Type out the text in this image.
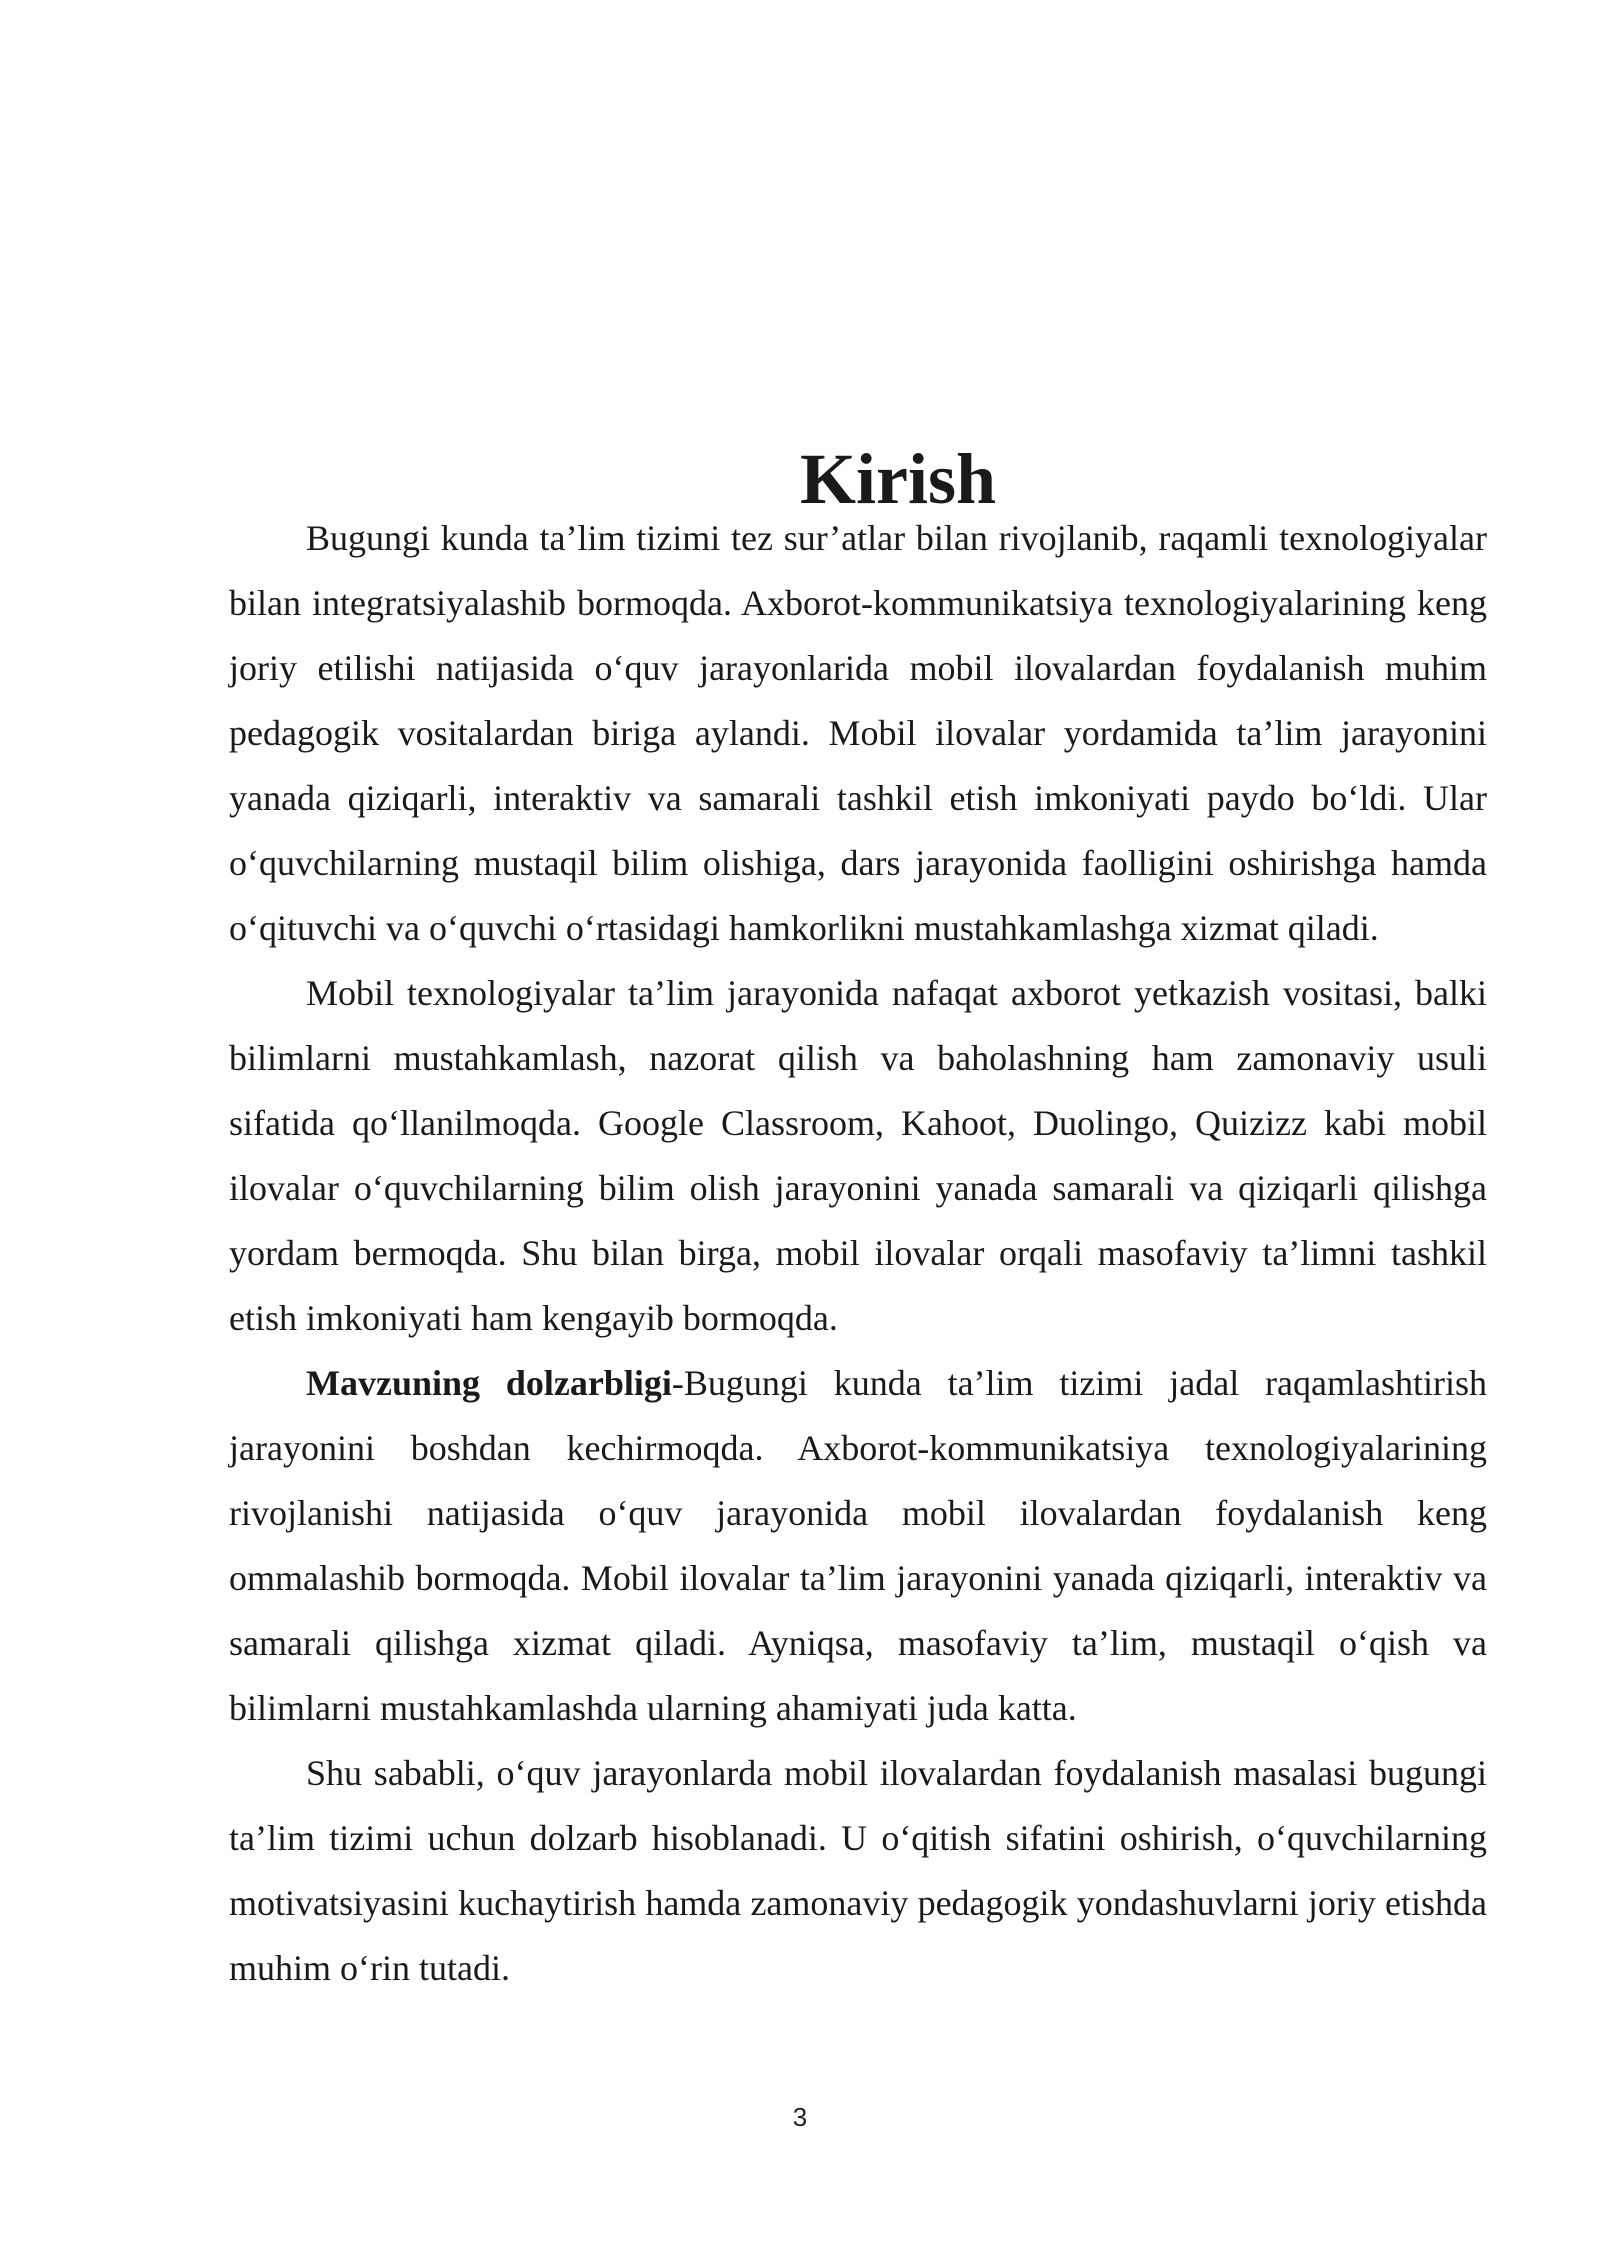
Kirish

Bugungi kunda ta’lim tizimi tez sur’atlar bilan rivojlanib, raqamli texnologiyalar bilan integratsiyalashib bormoqda. Axborot-kommunikatsiya texnologiyalarining keng joriy etilishi natijasida o‘quv jarayonlarida mobil ilovalardan foydalanish muhim pedagogik vositalardan biriga aylandi. Mobil ilovalar yordamida ta’lim jarayonini yanada qiziqarli, interaktiv va samarali tashkil etish imkoniyati paydo bo‘ldi. Ular o‘quvchilarning mustaqil bilim olishiga, dars jarayonida faolligini oshirishga hamda o‘qituvchi va o‘quvchi o‘rtasidagi hamkorlikni mustahkamlashga xizmat qiladi.

Mobil texnologiyalar ta’lim jarayonida nafaqat axborot yetkazish vositasi, balki bilimlarni mustahkamlash, nazorat qilish va baholashning ham zamonaviy usuli sifatida qo‘llanilmoqda. Google Classroom, Kahoot, Duolingo, Quizizz kabi mobil ilovalar o‘quvchilarning bilim olish jarayonini yanada samarali va qiziqarli qilishga yordam bermoqda. Shu bilan birga, mobil ilovalar orqali masofaviy ta’limni tashkil etish imkoniyati ham kengayib bormoqda.

Mavzuning dolzarbligi-Bugungi kunda ta’lim tizimi jadal raqamlashtirish jarayonini boshdan kechirmoqda. Axborot-kommunikatsiya texnologiyalarining rivojlanishi natijasida o‘quv jarayonida mobil ilovalardan foydalanish keng ommalashib bormoqda. Mobil ilovalar ta’lim jarayonini yanada qiziqarli, interaktiv va samarali qilishga xizmat qiladi. Ayniqsa, masofaviy ta’lim, mustaqil o‘qish va bilimlarni mustahkamlashda ularning ahamiyati juda katta.

Shu sababli, o‘quv jarayonlarda mobil ilovalardan foydalanish masalasi bugungi ta’lim tizimi uchun dolzarb hisoblanadi. U o‘qitish sifatini oshirish, o‘quvchilarning motivatsiyasini kuchaytirish hamda zamonaviy pedagogik yondashuvlarni joriy etishda muhim o‘rin tutadi.

3
